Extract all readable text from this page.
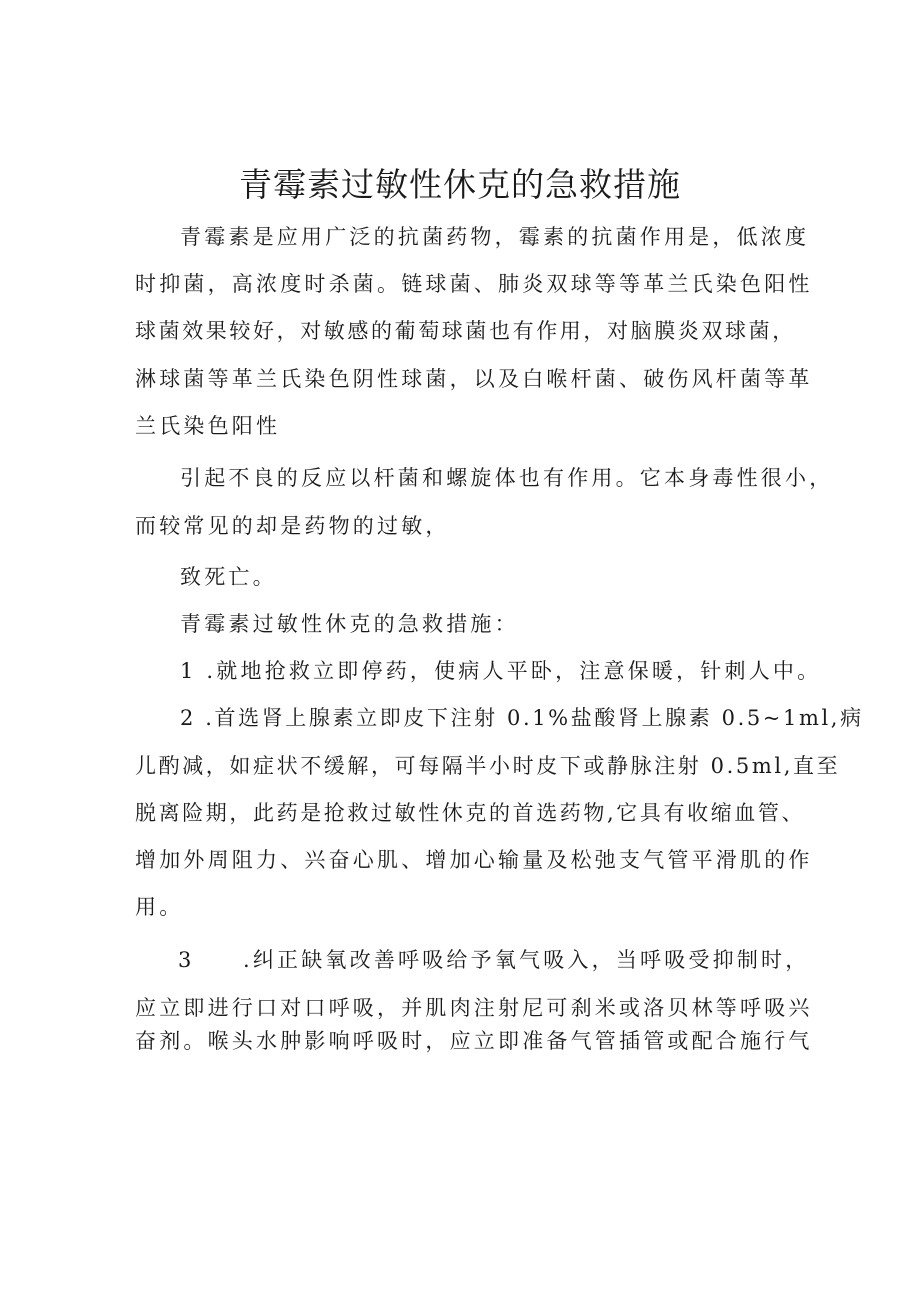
青霉素过敏性休克的急救措施
青霉素是应用广泛的抗菌药物，霉素的抗菌作用是，低浓度
时抑菌，高浓度时杀菌。链球菌、肺炎双球等等革兰氏染色阳性
球菌效果较好，对敏感的葡萄球菌也有作用，对脑膜炎双球菌，
淋球菌等革兰氏染色阴性球菌，以及白喉杆菌、破伤风杆菌等革
兰氏染色阳性
引起不良的反应以杆菌和螺旋体也有作用。它本身毒性很小，
而较常见的却是药物的过敏，
致死亡。
青霉素过敏性休克的急救措施：
1 .就地抢救立即停药，使病人平卧，注意保暖，针刺人中。
2 .首选肾上腺素立即皮下注射 0.1%盐酸肾上腺素 0.5~1ml,病
儿酌减，如症状不缓解，可每隔半小时皮下或静脉注射 0.5ml,直至
脱离险期，此药是抢救过敏性休克的首选药物,它具有收缩血管、
增加外周阻力、兴奋心肌、增加心输量及松弛支气管平滑肌的作
用。
3　　.纠正缺氧改善呼吸给予氧气吸入，当呼吸受抑制时，
应立即进行口对口呼吸，并肌肉注射尼可刹米或洛贝林等呼吸兴
奋剂。喉头水肿影响呼吸时，应立即准备气管插管或配合施行气
